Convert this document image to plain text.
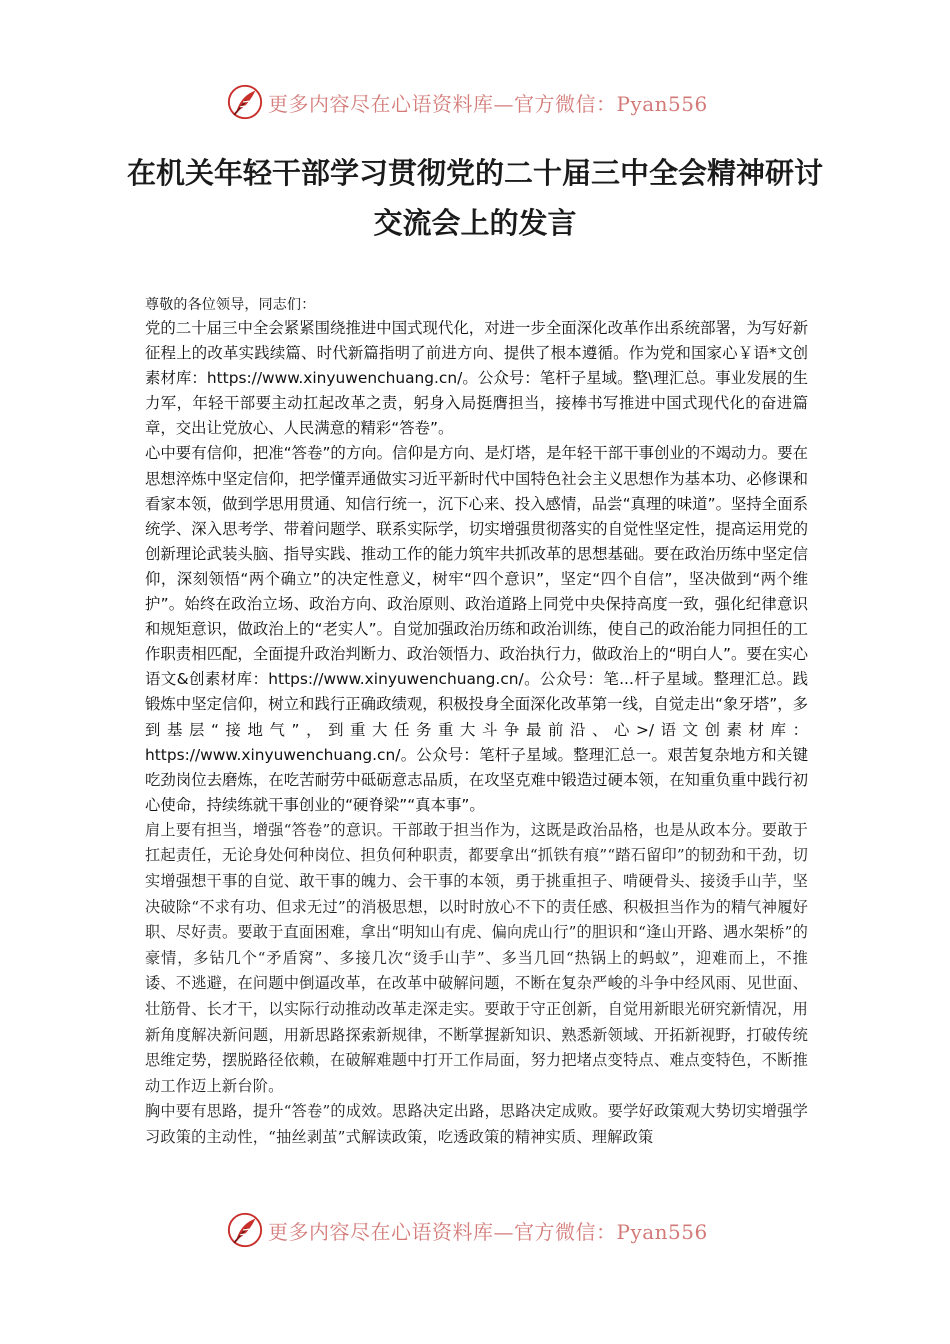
更多内容尽在心语资料库—官方微信：Pyan556
在机关年轻干部学习贯彻党的二十届三中全会精神研讨交流会上的发言

尊敬的各位领导，同志们：

党的二十届三中全会紧紧围绕推进中国式现代化，对进一步全面深化改革作出系统部署，为写好新征程上的改革实践续篇、时代新篇指明了前进方向、提供了根本遵循。作为党和国家心￥语*文创素材库：https://www.xinyuwenchuang.cn/。公众号：笔杆子星域。整\理汇总。事业发展的生力军，年轻干部要主动扛起改革之责，躬身入局挺膺担当，接棒书写推进中国式现代化的奋进篇章，交出让党放心、人民满意的精彩“答卷”。

心中要有信仰，把准“答卷”的方向。信仰是方向、是灯塔，是年轻干部干事创业的不竭动力。要在思想淬炼中坚定信仰，把学懂弄通做实习近平新时代中国特色社会主义思想作为基本功、必修课和看家本领，做到学思用贯通、知信行统一，沉下心来、投入感情，品尝“真理的味道”。坚持全面系统学、深入思考学、带着问题学、联系实际学，切实增强贯彻落实的自觉性坚定性，提高运用党的创新理论武装头脑、指导实践、推动工作的能力筑牢共抓改革的思想基础。要在政治历练中坚定信仰，深刻领悟“两个确立”的决定性意义，树牢“四个意识”，坚定“四个自信”，坚决做到“两个维护”。始终在政治立场、政治方向、政治原则、政治道路上同党中央保持高度一致，强化纪律意识和规矩意识，做政治上的“老实人”。自觉加强政治历练和政治训练，使自己的政治能力同担任的工作职责相匹配，全面提升政治判断力、政治领悟力、政治执行力，做政治上的“明白人”。要在实心语文&创素材库：https://www.xinyuwenchuang.cn/。公众号：笔...杆子星域。整理汇总。践锻炼中坚定信仰，树立和践行正确政绩观，积极投身全面深化改革第一线，自觉走出“象牙塔”，多到基层“接地气”，到重大任务重大斗争最前沿、心>/语文创素材库：https://www.xinyuwenchuang.cn/。公众号：笔杆子星域。整理汇总一。艰苦复杂地方和关键吃劲岗位去磨炼，在吃苦耐劳中砥砺意志品质，在攻坚克难中锻造过硬本领，在知重负重中践行初心使命，持续练就干事创业的“硬脊梁”“真本事”。

肩上要有担当，增强“答卷”的意识。干部敢于担当作为，这既是政治品格，也是从政本分。要敢于扛起责任，无论身处何种岗位、担负何种职责，都要拿出“抓铁有痕”“踏石留印”的韧劲和干劲，切实增强想干事的自觉、敢干事的魄力、会干事的本领，勇于挑重担子、啃硬骨头、接烫手山芋，坚决破除“不求有功、但求无过”的消极思想，以时时放心不下的责任感、积极担当作为的精气神履好职、尽好责。要敢于直面困难，拿出“明知山有虎、偏向虎山行”的胆识和“逢山开路、遇水架桥”的豪情，多钻几个“矛盾窝”、多接几次“烫手山芋”、多当几回“热锅上的蚂蚁”，迎难而上，不推诿、不逃避，在问题中倒逼改革，在改革中破解问题，不断在复杂严峻的斗争中经风雨、见世面、壮筋骨、长才干，以实际行动推动改革走深走实。要敢于守正创新，自觉用新眼光研究新情况，用新角度解决新问题，用新思路探索新规律，不断掌握新知识、熟悉新领域、开拓新视野，打破传统思维定势，摆脱路径依赖，在破解难题中打开工作局面，努力把堵点变特点、难点变特色，不断推动工作迈上新台阶。

胸中要有思路，提升“答卷”的成效。思路决定出路，思路决定成败。要学好政策观大势切实增强学习政策的主动性，“抽丝剥茧”式解读政策，吃透政策的精神实质、理解政策

更多内容尽在心语资料库—官方微信：Pyan556
